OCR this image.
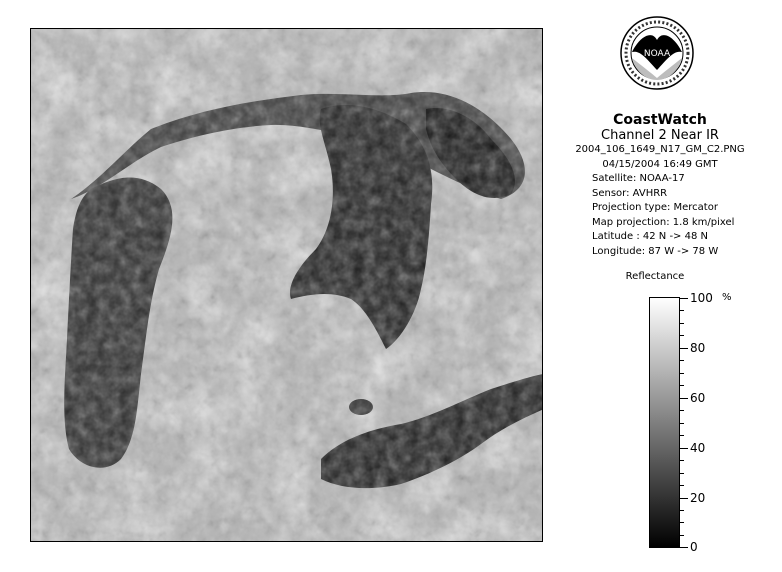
NOAA
CoastWatch
Channel 2 Near IR
2004_106_1649_N17_GM_C2.PNG
04/15/2004 16:49 GMT
Satellite: NOAA-17
Sensor: AVHRR
Projection type: Mercator
Map projection: 1.8 km/pixel
Latitude : 42 N -> 48 N
Longitude: 87 W -> 78 W
Reflectance
%
100
80
60
40
20
0
